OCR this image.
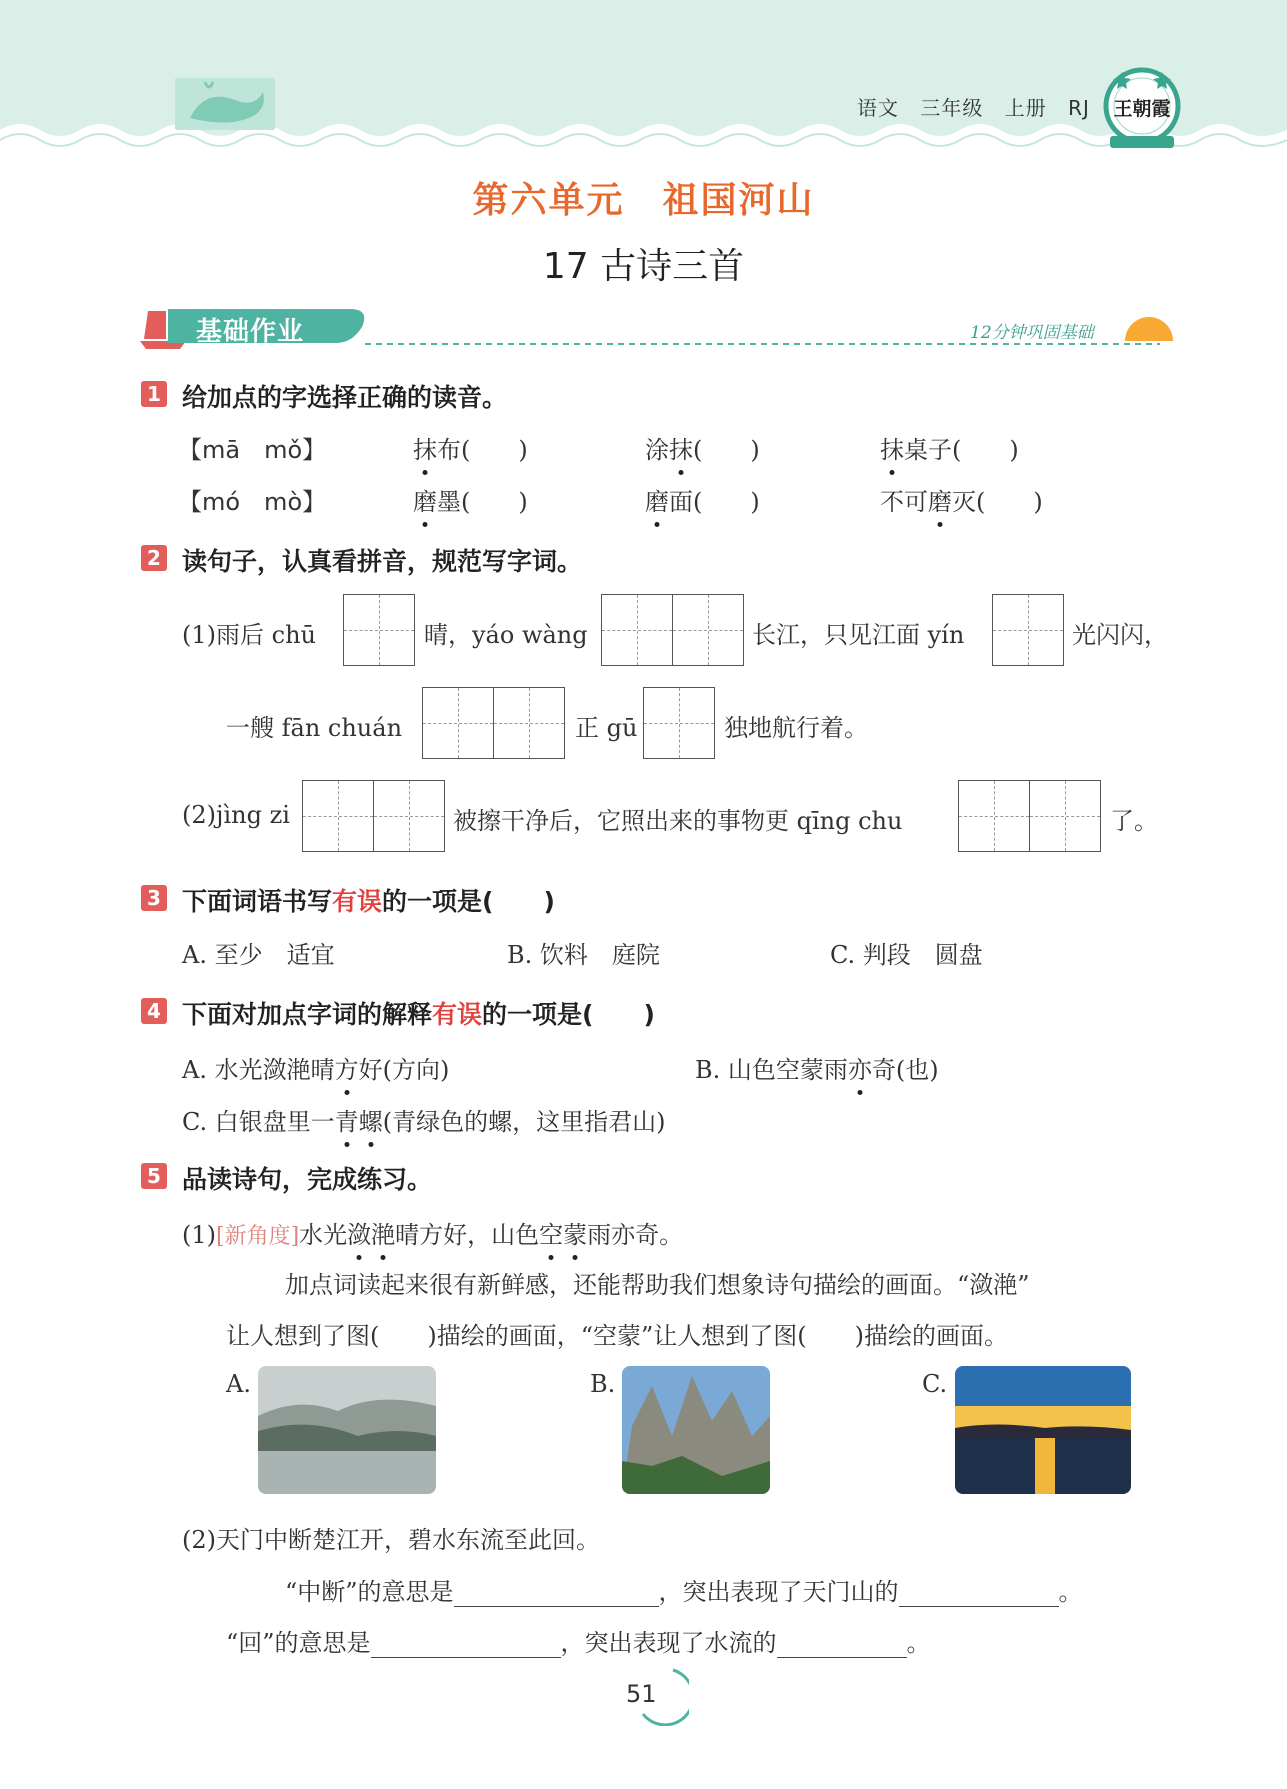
语文 三年级 上册 RJ 王朝霞
第六单元　祖国河山
17 古诗三首
基础作业	12分钟巩固基础
1 给加点的字选择正确的读音。
【mā　mǒ】	抹布(　　)	涂抹(　　)	抹桌子(　　)
【mó　mò】	磨墨(　　)	磨面(　　)	不可磨灭(　　)
2 读句子，认真看拼音，规范写字词。
(1)雨后 chū	晴，yáo wàng	长江，只见江面 yín	光闪闪，
一艘 fān chuán	正 gū	独地航行着。
(2)jìng zi	被擦干净后，它照出来的事物更 qīng chu	了。
3 下面词语书写有误的一项是(　　)
A. 至少　适宜	B. 饮料　庭院	C. 判段　圆盘
4 下面对加点字词的解释有误的一项是(　　)
A. 水光潋滟晴方好(方向)	B. 山色空蒙雨亦奇(也)
C. 白银盘里一青螺(青绿色的螺，这里指君山)
5 品读诗句，完成练习。
(1)[新角度]水光潋滟晴方好，山色空蒙雨亦奇。
加点词读起来很有新鲜感，还能帮助我们想象诗句描绘的画面。“潋滟”
让人想到了图(　　)描绘的画面，“空蒙”让人想到了图(　　)描绘的画面。
A.	B.	C.
(2)天门中断楚江开，碧水东流至此回。
“中断”的意思是	，突出表现了天门山的	。
“回”的意思是	，突出表现了水流的	。
51
